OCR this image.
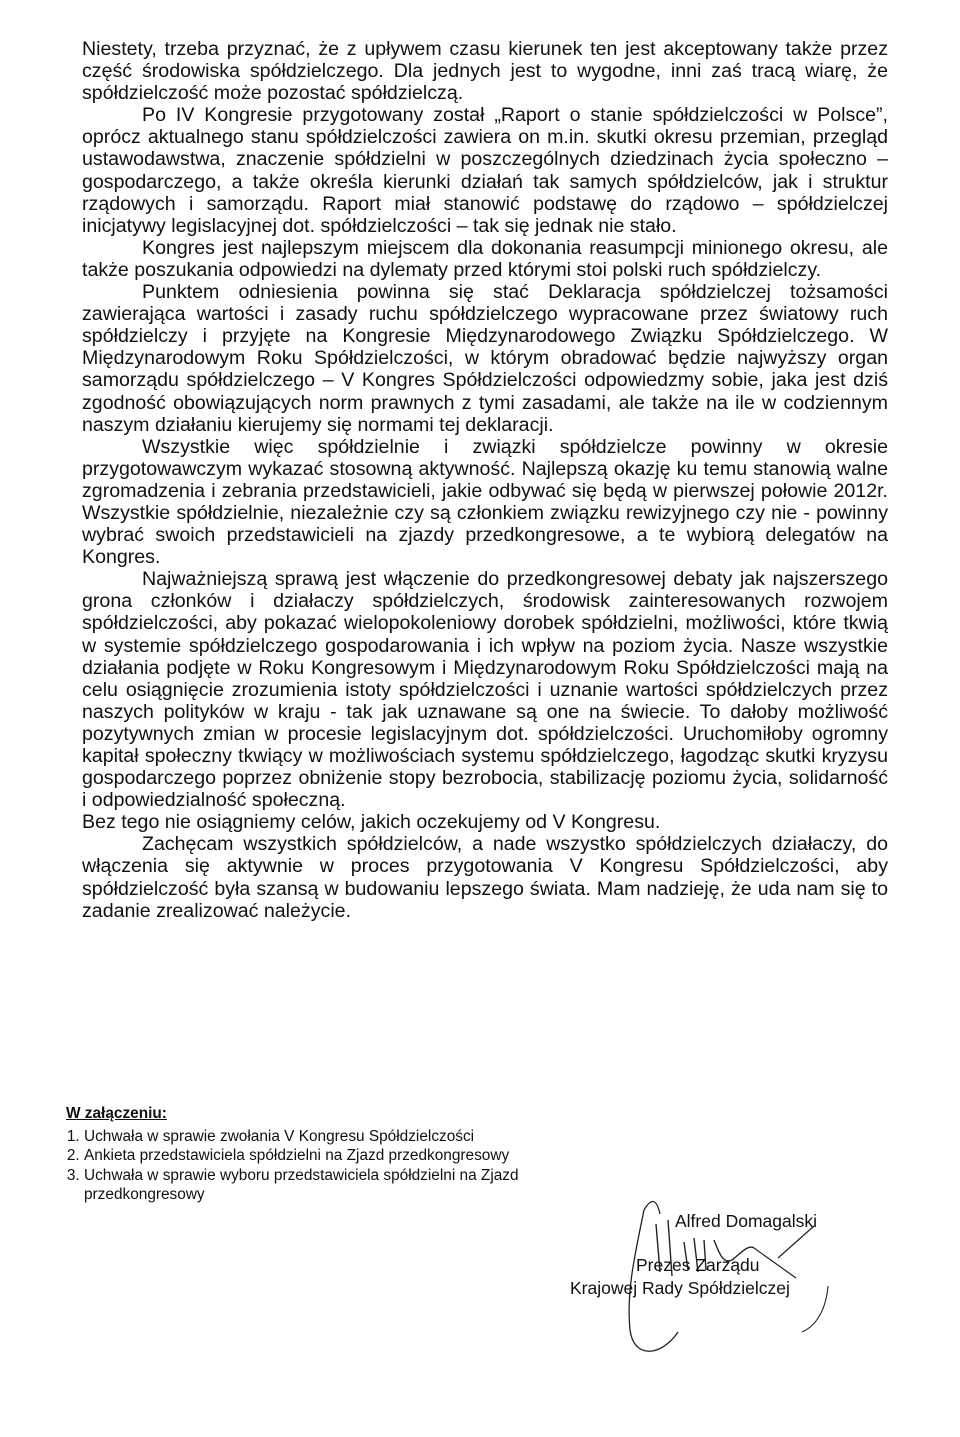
Niestety, trzeba przyznać, że z upływem czasu kierunek ten jest akceptowany także przez część środowiska spółdzielczego. Dla jednych jest to wygodne, inni zaś tracą wiarę, że spółdzielczość może pozostać spółdzielczą.

Po IV Kongresie przygotowany został „Raport o stanie spółdzielczości w Polsce”, oprócz aktualnego stanu spółdzielczości zawiera on m.in. skutki okresu przemian, przegląd ustawodawstwa, znaczenie spółdzielni w poszczególnych dziedzinach życia społeczno – gospodarczego, a także określa kierunki działań tak samych spółdzielców, jak i struktur rządowych i samorządu. Raport miał stanowić podstawę do rządowo – spółdzielczej inicjatywy legislacyjnej dot. spółdzielczości – tak się jednak nie stało.

Kongres jest najlepszym miejscem dla dokonania reasumpcji minionego okresu, ale także poszukania odpowiedzi na dylematy przed którymi stoi polski ruch spółdzielczy.

Punktem odniesienia powinna się stać Deklaracja spółdzielczej tożsamości zawierająca wartości i zasady ruchu spółdzielczego wypracowane przez światowy ruch spółdzielczy i przyjęte na Kongresie Międzynarodowego Związku Spółdzielczego. W Międzynarodowym Roku Spółdzielczości, w którym obradować będzie najwyższy organ samorządu spółdzielczego – V Kongres Spółdzielczości odpowiedzmy sobie, jaka jest dziś zgodność obowiązujących norm prawnych z tymi zasadami, ale także na ile w codziennym naszym działaniu kierujemy się normami tej deklaracji.

Wszystkie więc spółdzielnie i związki spółdzielcze powinny w okresie przygotowawczym wykazać stosowną aktywność. Najlepszą okazję ku temu stanowią walne zgromadzenia i zebrania przedstawicieli, jakie odbywać się będą w pierwszej połowie 2012r. Wszystkie spółdzielnie, niezależnie czy są członkiem związku rewizyjnego czy nie - powinny wybrać swoich przedstawicieli na zjazdy przedkongresowe, a te wybiorą delegatów na Kongres.

Najważniejszą sprawą jest włączenie do przedkongresowej debaty jak najszerszego grona członków i działaczy spółdzielczych, środowisk zainteresowanych rozwojem spółdzielczości, aby pokazać wielopokoleniowy dorobek spółdzielni, możliwości, które tkwią w systemie spółdzielczego gospodarowania i ich wpływ na poziom życia. Nasze wszystkie działania podjęte w Roku Kongresowym i Międzynarodowym Roku Spółdzielczości mają na celu osiągnięcie zrozumienia istoty spółdzielczości i uznanie wartości spółdzielczych przez naszych polityków w kraju - tak jak uznawane są one na świecie. To dałoby możliwość pozytywnych zmian w procesie legislacyjnym dot. spółdzielczości. Uruchomiłoby ogromny kapitał społeczny tkwiący w możliwościach systemu spółdzielczego, łagodząc skutki kryzysu gospodarczego poprzez obniżenie stopy bezrobocia, stabilizację poziomu życia, solidarność i odpowiedzialność społeczną.

Bez tego nie osiągniemy celów, jakich oczekujemy od V Kongresu.

Zachęcam wszystkich spółdzielców, a nade wszystko spółdzielczych działaczy, do włączenia się aktywnie w proces przygotowania V Kongresu Spółdzielczości, aby spółdzielczość była szansą w budowaniu lepszego świata. Mam nadzieję, że uda nam się to zadanie zrealizować należycie.

W załączeniu:
1. Uchwała w sprawie zwołania V Kongresu Spółdzielczości
2. Ankieta przedstawiciela spółdzielni na Zjazd przedkongresowy
3. Uchwała w sprawie wyboru przedstawiciela spółdzielni na Zjazd przedkongresowy
Alfred Domagalski
Prezes Zarządu
Krajowej Rady Spółdzielczej
